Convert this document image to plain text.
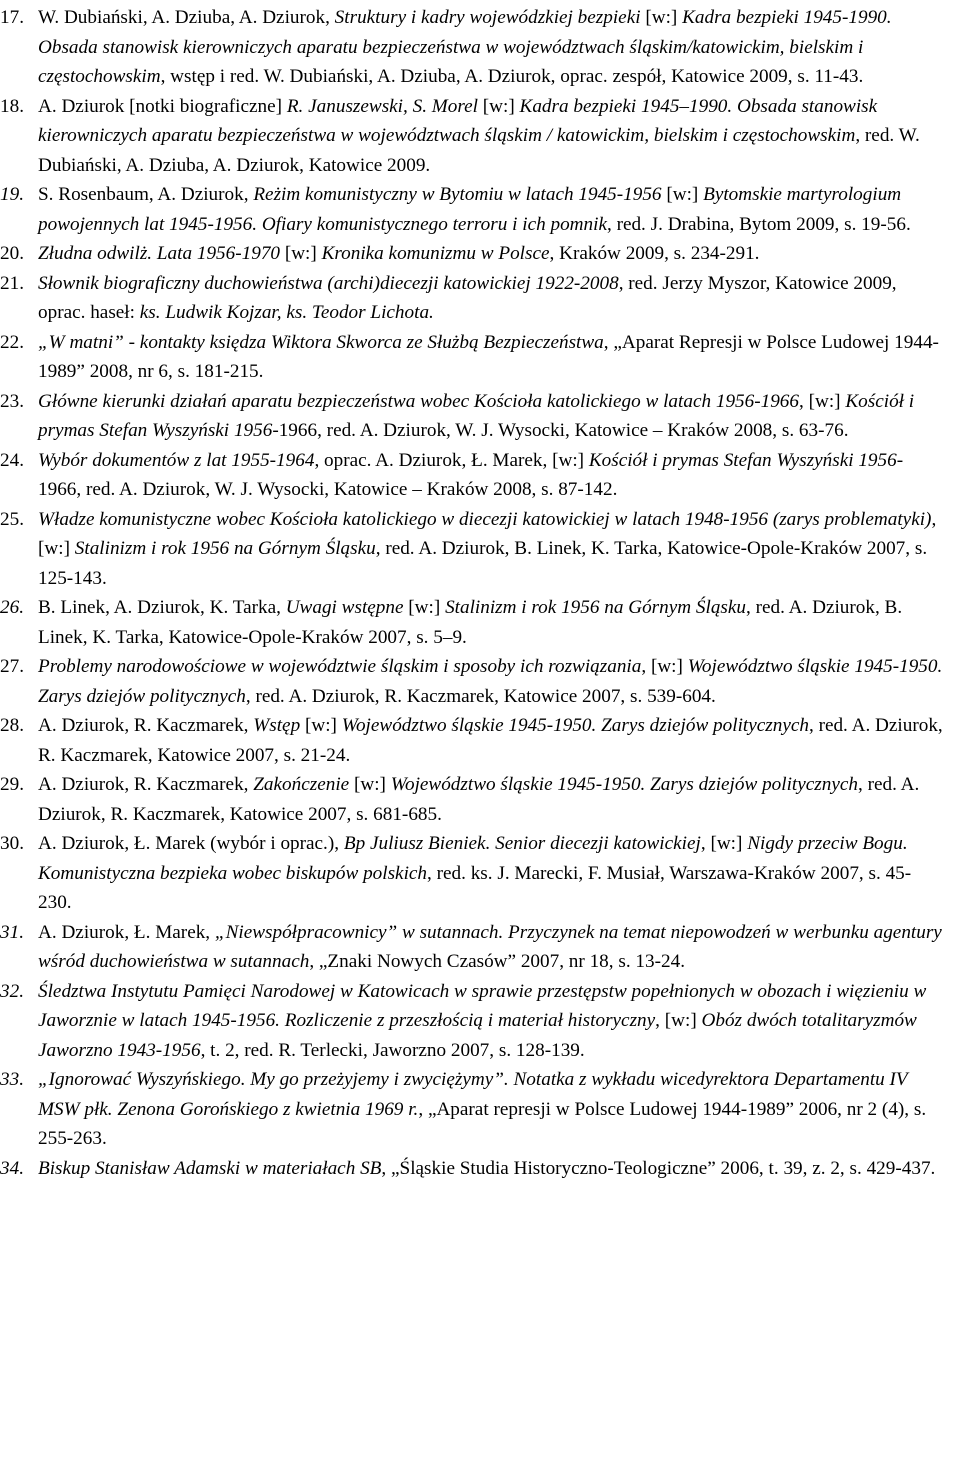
17. W. Dubiański, A. Dziuba, A. Dziurok, Struktury i kadry wojewódzkiej bezpieki [w:] Kadra bezpieki 1945-1990. Obsada stanowisk kierowniczych aparatu bezpieczeństwa w województwach śląskim/katowickim, bielskim i częstochowskim, wstęp i red. W. Dubiański, A. Dziuba, A. Dziurok, oprac. zespół, Katowice 2009, s. 11-43.
18. A. Dziurok [notki biograficzne] R. Januszewski, S. Morel [w:] Kadra bezpieki 1945–1990. Obsada stanowisk kierowniczych aparatu bezpieczeństwa w województwach śląskim / katowickim, bielskim i częstochowskim, red. W. Dubiański, A. Dziuba, A. Dziurok, Katowice 2009.
19. S. Rosenbaum, A. Dziurok, Reżim komunistyczny w Bytomiu w latach 1945-1956 [w:] Bytomskie martyrologium powojennych lat 1945-1956. Ofiary komunistycznego terroru i ich pomnik, red. J. Drabina, Bytom 2009, s. 19-56.
20. Złudna odwilż. Lata 1956-1970 [w:] Kronika komunizmu w Polsce, Kraków 2009, s. 234-291.
21. Słownik biograficzny duchowieństwa (archi)diecezji katowickiej 1922-2008, red. Jerzy Myszor, Katowice 2009, oprac. haseł: ks. Ludwik Kojzar, ks. Teodor Lichota.
22. „W matni” - kontakty księdza Wiktora Skworca ze Służbą Bezpieczeństwa, „Aparat Represji w Polsce Ludowej 1944-1989” 2008, nr 6, s. 181-215.
23. Główne kierunki działań aparatu bezpieczeństwa wobec Kościoła katolickiego w latach 1956-1966, [w:] Kościół i prymas Stefan Wyszyński 1956-1966, red. A. Dziurok, W. J. Wysocki, Katowice – Kraków 2008, s. 63-76.
24. Wybór dokumentów z lat 1955-1964, oprac. A. Dziurok, Ł. Marek, [w:] Kościół i prymas Stefan Wyszyński 1956-1966, red. A. Dziurok, W. J. Wysocki, Katowice – Kraków 2008, s. 87-142.
25. Władze komunistyczne wobec Kościoła katolickiego w diecezji katowickiej w latach 1948-1956 (zarys problematyki), [w:] Stalinizm i rok 1956 na Górnym Śląsku, red. A. Dziurok, B. Linek, K. Tarka, Katowice-Opole-Kraków 2007, s. 125-143.
26. B. Linek, A. Dziurok, K. Tarka, Uwagi wstępne [w:] Stalinizm i rok 1956 na Górnym Śląsku, red. A. Dziurok, B. Linek, K. Tarka, Katowice-Opole-Kraków 2007, s. 5–9.
27. Problemy narodowościowe w województwie śląskim i sposoby ich rozwiązania, [w:] Województwo śląskie 1945-1950. Zarys dziejów politycznych, red. A. Dziurok, R. Kaczmarek, Katowice 2007, s. 539-604.
28. A. Dziurok, R. Kaczmarek, Wstęp [w:] Województwo śląskie 1945-1950. Zarys dziejów politycznych, red. A. Dziurok, R. Kaczmarek, Katowice 2007, s. 21-24.
29. A. Dziurok, R. Kaczmarek, Zakończenie [w:] Województwo śląskie 1945-1950. Zarys dziejów politycznych, red. A. Dziurok, R. Kaczmarek, Katowice 2007, s. 681-685.
30. A. Dziurok, Ł. Marek (wybór i oprac.), Bp Juliusz Bieniek. Senior diecezji katowickiej, [w:] Nigdy przeciw Bogu. Komunistyczna bezpieka wobec biskupów polskich, red. ks. J. Marecki, F. Musiał, Warszawa-Kraków 2007, s. 45-230.
31. A. Dziurok, Ł. Marek, „Niewspółpracownicy” w sutannach. Przyczynek na temat niepowodzeń w werbunku agentury wśród duchowieństwa w sutannach, „Znaki Nowych Czasów” 2007, nr 18, s. 13-24.
32. Śledztwa Instytutu Pamięci Narodowej w Katowicach w sprawie przestępstw popełnionych w obozach i więzieniu w Jaworznie w latach 1945-1956. Rozliczenie z przeszłością i materiał historyczny, [w:] Obóz dwóch totalitaryzmów Jaworzno 1943-1956, t. 2, red. R. Terlecki, Jaworzno 2007, s. 128-139.
33. „Ignorować Wyszyńskiego. My go przeżyjemy i zwyciężymy”. Notatka z wykładu wicedyrektora Departamentu IV MSW płk. Zenona Gorońskiego z kwietnia 1969 r., „Aparat represji w Polsce Ludowej 1944-1989” 2006, nr 2 (4), s. 255-263.
34. Biskup Stanisław Adamski w materiałach SB, „Śląskie Studia Historyczno-Teologiczne” 2006, t. 39, z. 2, s. 429-437.
